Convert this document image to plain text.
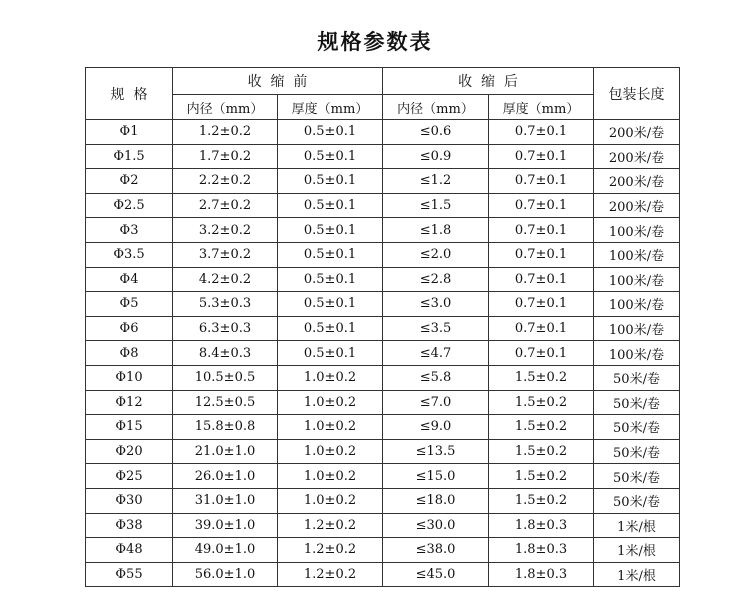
规格参数表
规  格	收  缩  前		收  缩  后		包装长度
	内径（mm）	厚度（mm）	内径（mm）	厚度（mm）	
Φ1	1.2±0.2	0.5±0.1	≤0.6	0.7±0.1	200米/卷
Φ1.5	1.7±0.2	0.5±0.1	≤0.9	0.7±0.1	200米/卷
Φ2	2.2±0.2	0.5±0.1	≤1.2	0.7±0.1	200米/卷
Φ2.5	2.7±0.2	0.5±0.1	≤1.5	0.7±0.1	200米/卷
Φ3	3.2±0.2	0.5±0.1	≤1.8	0.7±0.1	100米/卷
Φ3.5	3.7±0.2	0.5±0.1	≤2.0	0.7±0.1	100米/卷
Φ4	4.2±0.2	0.5±0.1	≤2.8	0.7±0.1	100米/卷
Φ5	5.3±0.3	0.5±0.1	≤3.0	0.7±0.1	100米/卷
Φ6	6.3±0.3	0.5±0.1	≤3.5	0.7±0.1	100米/卷
Φ8	8.4±0.3	0.5±0.1	≤4.7	0.7±0.1	100米/卷
Φ10	10.5±0.5	1.0±0.2	≤5.8	1.5±0.2	50米/卷
Φ12	12.5±0.5	1.0±0.2	≤7.0	1.5±0.2	50米/卷
Φ15	15.8±0.8	1.0±0.2	≤9.0	1.5±0.2	50米/卷
Φ20	21.0±1.0	1.0±0.2	≤13.5	1.5±0.2	50米/卷
Φ25	26.0±1.0	1.0±0.2	≤15.0	1.5±0.2	50米/卷
Φ30	31.0±1.0	1.0±0.2	≤18.0	1.5±0.2	50米/卷
Φ38	39.0±1.0	1.2±0.2	≤30.0	1.8±0.3	1米/根
Φ48	49.0±1.0	1.2±0.2	≤38.0	1.8±0.3	1米/根
Φ55	56.0±1.0	1.2±0.2	≤45.0	1.8±0.3	1米/根
